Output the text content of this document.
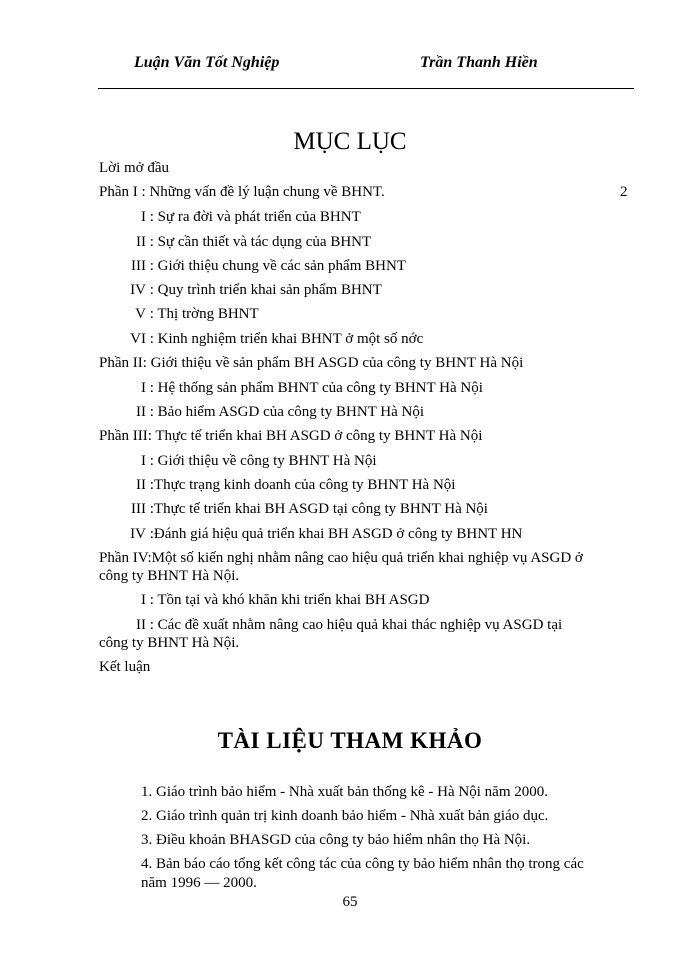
Luận Văn Tốt Nghiệp	Trần Thanh Hiền
MỤC LỤC
Lời mở đầu
Phần I : Những vấn đề lý luận chung về BHNT.	2
I : Sự ra đời và phát triển của BHNT
II : Sự cần thiết và tác dụng của BHNT
III : Giới thiệu chung về các sản phẩm BHNT
IV : Quy trình triển khai sản phẩm BHNT
V : Thị trờng BHNT
VI : Kinh nghiệm triển khai BHNT ở một số nớc
Phần II: Giới thiệu về sản phẩm BH ASGD của công ty BHNT Hà Nội
I : Hệ thống sản phẩm BHNT của công ty BHNT Hà Nội
II : Bảo hiểm ASGD của công ty BHNT Hà Nội
Phần III: Thực tế triển khai BH ASGD ở công ty BHNT Hà Nội
I : Giới thiệu về công ty BHNT Hà Nội
II :Thực trạng kinh doanh của công ty BHNT Hà Nội
III :Thực tế triển khai BH ASGD tại công ty BHNT Hà Nội
IV :Đánh giá hiệu quả triển khai BH ASGD ở công ty BHNT HN
Phần IV:Một số kiến nghị nhằm nâng cao hiệu quả triển khai nghiệp vụ ASGD ở
công ty BHNT Hà Nội.
I : Tồn tại và khó khăn khi triển khai BH ASGD
II : Các đề xuất nhằm nâng cao hiệu quả khai thác nghiệp vụ ASGD tại
công ty BHNT Hà Nội.
Kết luận
TÀI LIỆU THAM KHẢO
1. Giáo trình bảo hiểm - Nhà xuất bản thống kê - Hà Nội năm 2000.
2. Giáo trình quản trị kinh doanh bảo hiểm - Nhà xuất bản giáo dục.
3. Điều khoản BHASGD của công ty bảo hiểm nhân thọ Hà Nội.
4. Bản báo cáo tổng kết công tác của công ty bảo hiểm nhân thọ trong các
năm 1996 — 2000.
65
